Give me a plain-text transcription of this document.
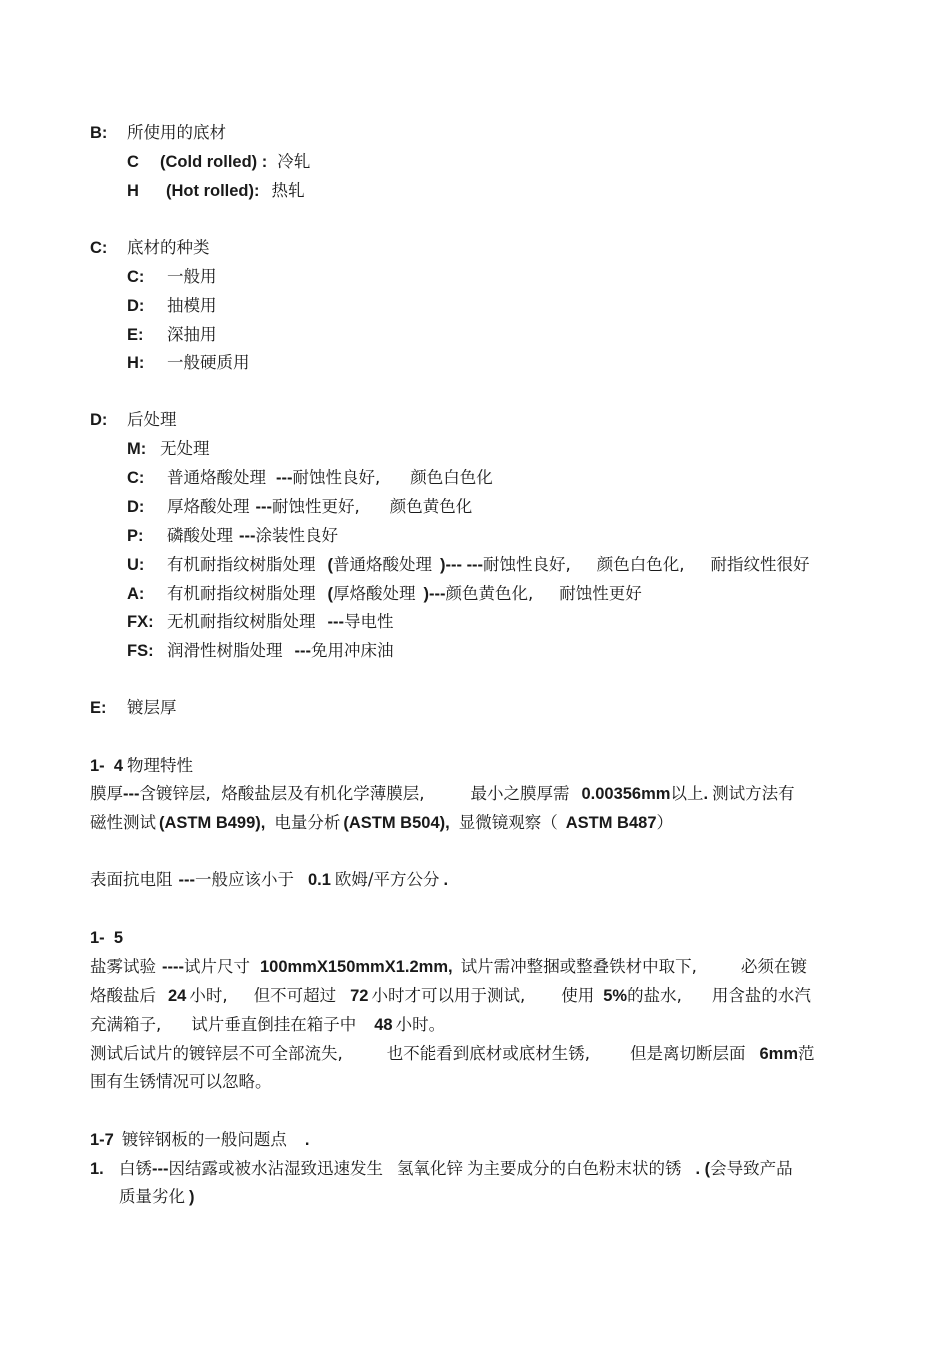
B: 所使用的底材
C (Cold rolled) : 冷轧
H (Hot rolled): 热轧
C: 底材的种类
C: 一般用
D: 抽模用
E: 深抽用
H: 一般硬质用
D: 后处理
M: 无处理
C: 普通烙酸处理 ---耐蚀性良好, 颜色白色化
D: 厚烙酸处理 ---耐蚀性更好, 颜色黄色化
P: 磷酸处理 ---涂装性良好
U: 有机耐指纹树脂处理 (普通烙酸处理 )--- ---耐蚀性良好, 颜色白色化, 耐指纹性很好
A: 有机耐指纹树脂处理 (厚烙酸处理 )---颜色黄色化, 耐蚀性更好
FX: 无机耐指纹树脂处理 ---导电性
FS: 润滑性树脂处理 ---免用冲床油
E: 镀层厚
1-  4 物理特性
膜厚---含镀锌层,  烙酸盐层及有机化学薄膜层,	最小之膜厚需 0.00356mm以上. 测试方法有
磁性测试 (ASTM B499), 电量分析 (ASTM B504), 显微镜观察（ ASTM B487）
表面抗电阻 ---一般应该小于 0.1 欧姆/平方公分 .
1-  5
盐雾试验 ----试片尺寸 100mmX150mmX1.2mm, 试片需冲整捆或整叠铁材中取下,	必须在镀
烙酸盐后 24 小时, 但不可超过 72 小时才可以用于测试, 使用 5%的盐水, 用含盐的水汽
充满箱子, 试片垂直倒挂在箱子中 48 小时。
测试后试片的镀锌层不可全部流失,	也不能看到底材或底材生锈, 但是离切断层面 6mm范
围有生锈情况可以忽略。
1-7 镀锌钢板的一般问题点 .
1. 白锈---因结露或被水沾湿致迅速发生 氢氧化锌 为主要成分的白色粉末状的锈 . (会导致产品
质量劣化 )
